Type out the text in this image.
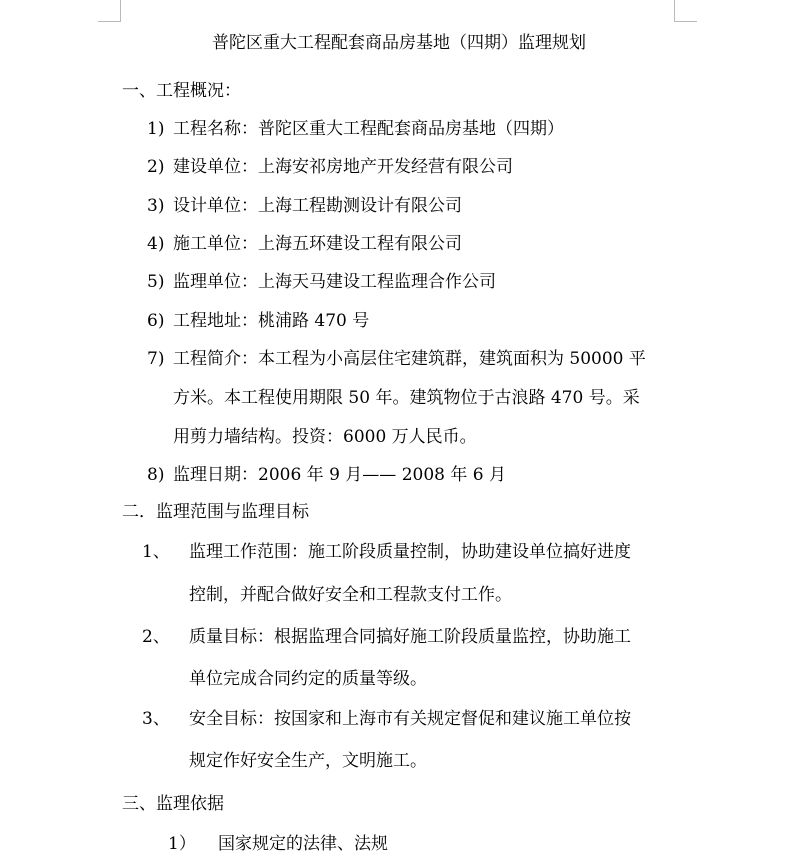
普陀区重大工程配套商品房基地（四期）监理规划
一、工程概况：
1) 工程名称：普陀区重大工程配套商品房基地（四期）
2) 建设单位：上海安祁房地产开发经营有限公司
3) 设计单位：上海工程勘测设计有限公司
4) 施工单位：上海五环建设工程有限公司
5) 监理单位：上海天马建设工程监理合作公司
6) 工程地址：桃浦路 470 号
7) 工程简介：本工程为小高层住宅建筑群，建筑面积为 50000 平
方米。本工程使用期限 50 年。建筑物位于古浪路 470 号。采
用剪力墙结构。投资：6000 万人民币。
8) 监理日期：2006 年 9 月—— 2008 年 6 月
二．监理范围与监理目标
1、 监理工作范围：施工阶段质量控制，协助建设单位搞好进度
控制，并配合做好安全和工程款支付工作。
2、 质量目标：根据监理合同搞好施工阶段质量监控，协助施工
单位完成合同约定的质量等级。
3、 安全目标：按国家和上海市有关规定督促和建议施工单位按
规定作好安全生产，文明施工。
三、监理依据
1） 国家规定的法律、法规
